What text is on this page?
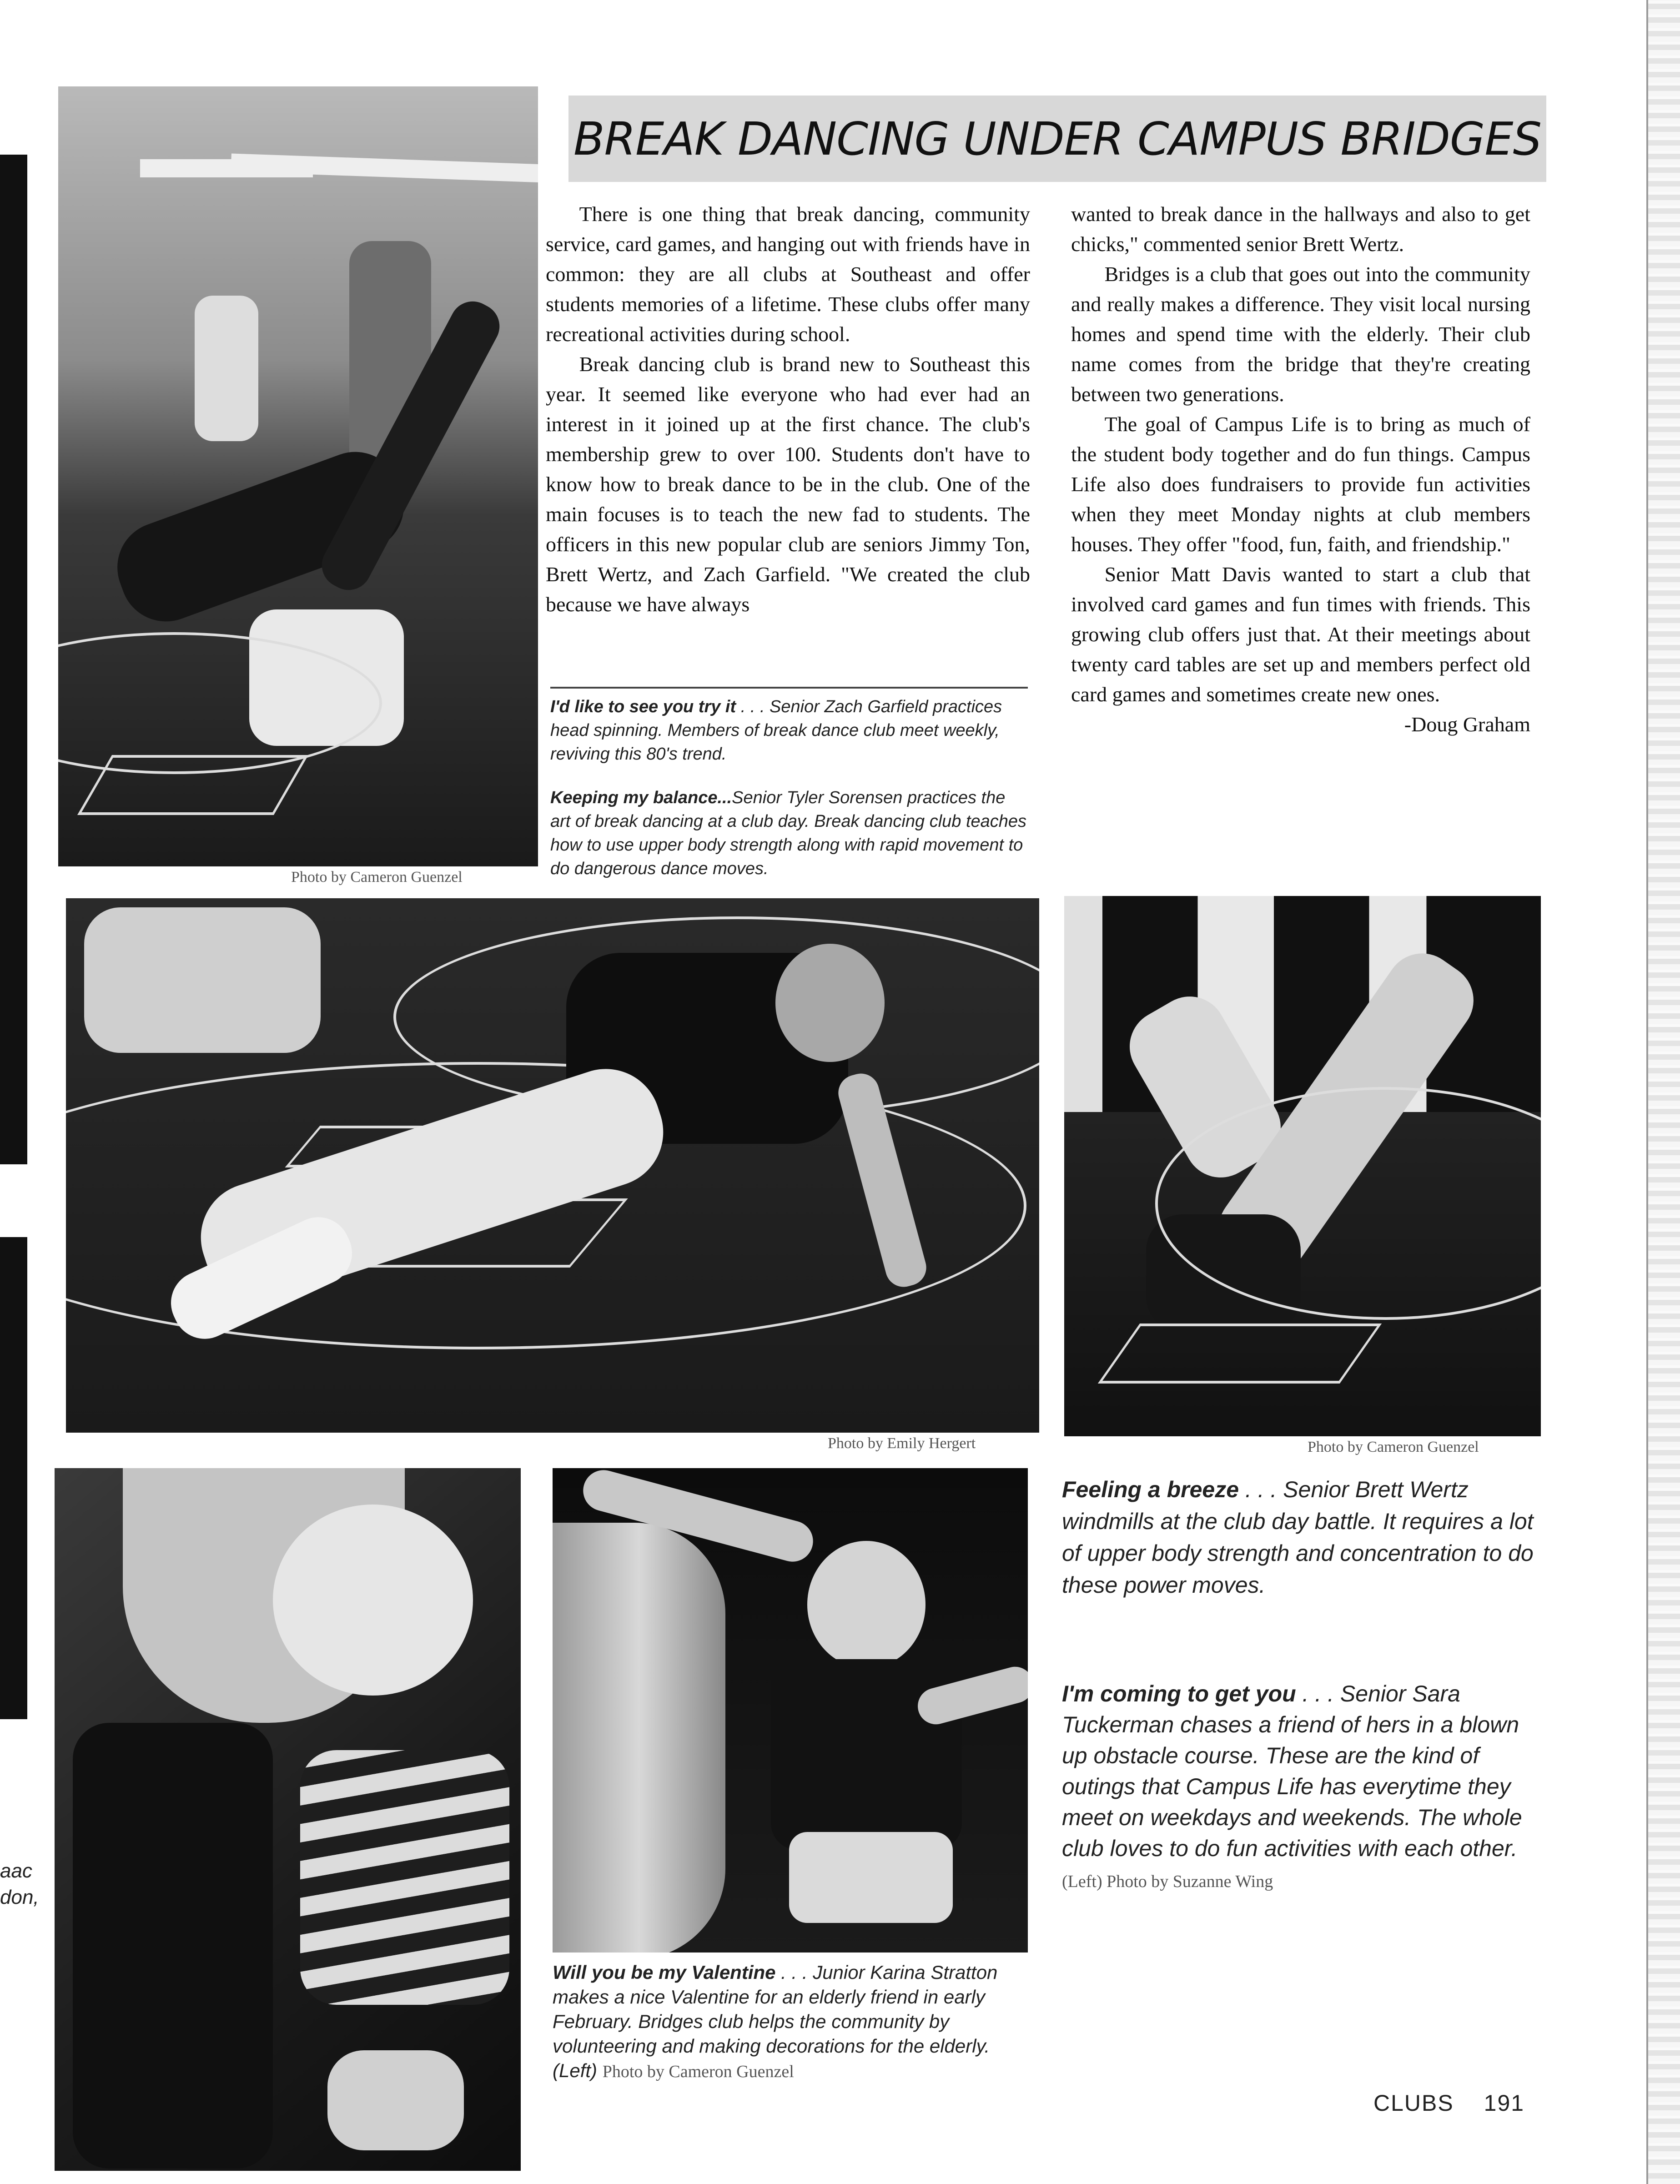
aac
don,
Photo by Cameron Guenzel
BREAK DANCING UNDER CAMPUS BRIDGES

There is one thing that break dancing, community service, card games, and hanging out with friends have in common: they are all clubs at Southeast and offer students memories of a lifetime. These clubs offer many recreational activities during school.

Break dancing club is brand new to Southeast this year. It seemed like everyone who had ever had an interest in it joined up at the first chance. The club's membership grew to over 100. Students don't have to know how to break dance to be in the club. One of the main focuses is to teach the new fad to students. The officers in this new popular club are seniors Jimmy Ton, Brett Wertz, and Zach Garfield. "We created the club because we have always

I'd like to see you try it . . . Senior Zach Garfield practices head spinning. Members of break dance club meet weekly, reviving this 80's trend.
Keeping my balance...Senior Tyler Sorensen practices the art of break dancing at a club day. Break dancing club teaches how to use upper body strength along with rapid movement to do dangerous dance moves.
wanted to break dance in the hallways and also to get chicks," commented senior Brett Wertz.

Bridges is a club that goes out into the community and really makes a difference. They visit local nursing homes and spend time with the elderly. Their club name comes from the bridge that they're creating between two generations.

The goal of Campus Life is to bring as much of the student body together and do fun things. Campus Life also does fundraisers to provide fun activities when they meet Monday nights at club members houses. They offer "food, fun, faith, and friendship."

Senior Matt Davis wanted to start a club that involved card games and fun times with friends. This growing club offers just that. At their meetings about twenty card tables are set up and members perfect old card games and sometimes create new ones.

-Doug Graham
Photo by Emily Hergert	Photo by Cameron Guenzel
Feeling a breeze . . . Senior Brett Wertz windmills at the club day battle. It requires a lot of upper body strength and concentration to do these power moves.
I'm coming to get you . . . Senior Sara Tuckerman chases a friend of hers in a blown up obstacle course. These are the kind of outings that Campus Life has everytime they meet on weekdays and weekends. The whole club loves to do fun activities with each other. (Left) Photo by Suzanne Wing
Will you be my Valentine . . . Junior Karina Stratton makes a nice Valentine for an elderly friend in early February. Bridges club helps the community by volunteering and making decorations for the elderly. (Left) Photo by Cameron Guenzel
CLUBS 191
